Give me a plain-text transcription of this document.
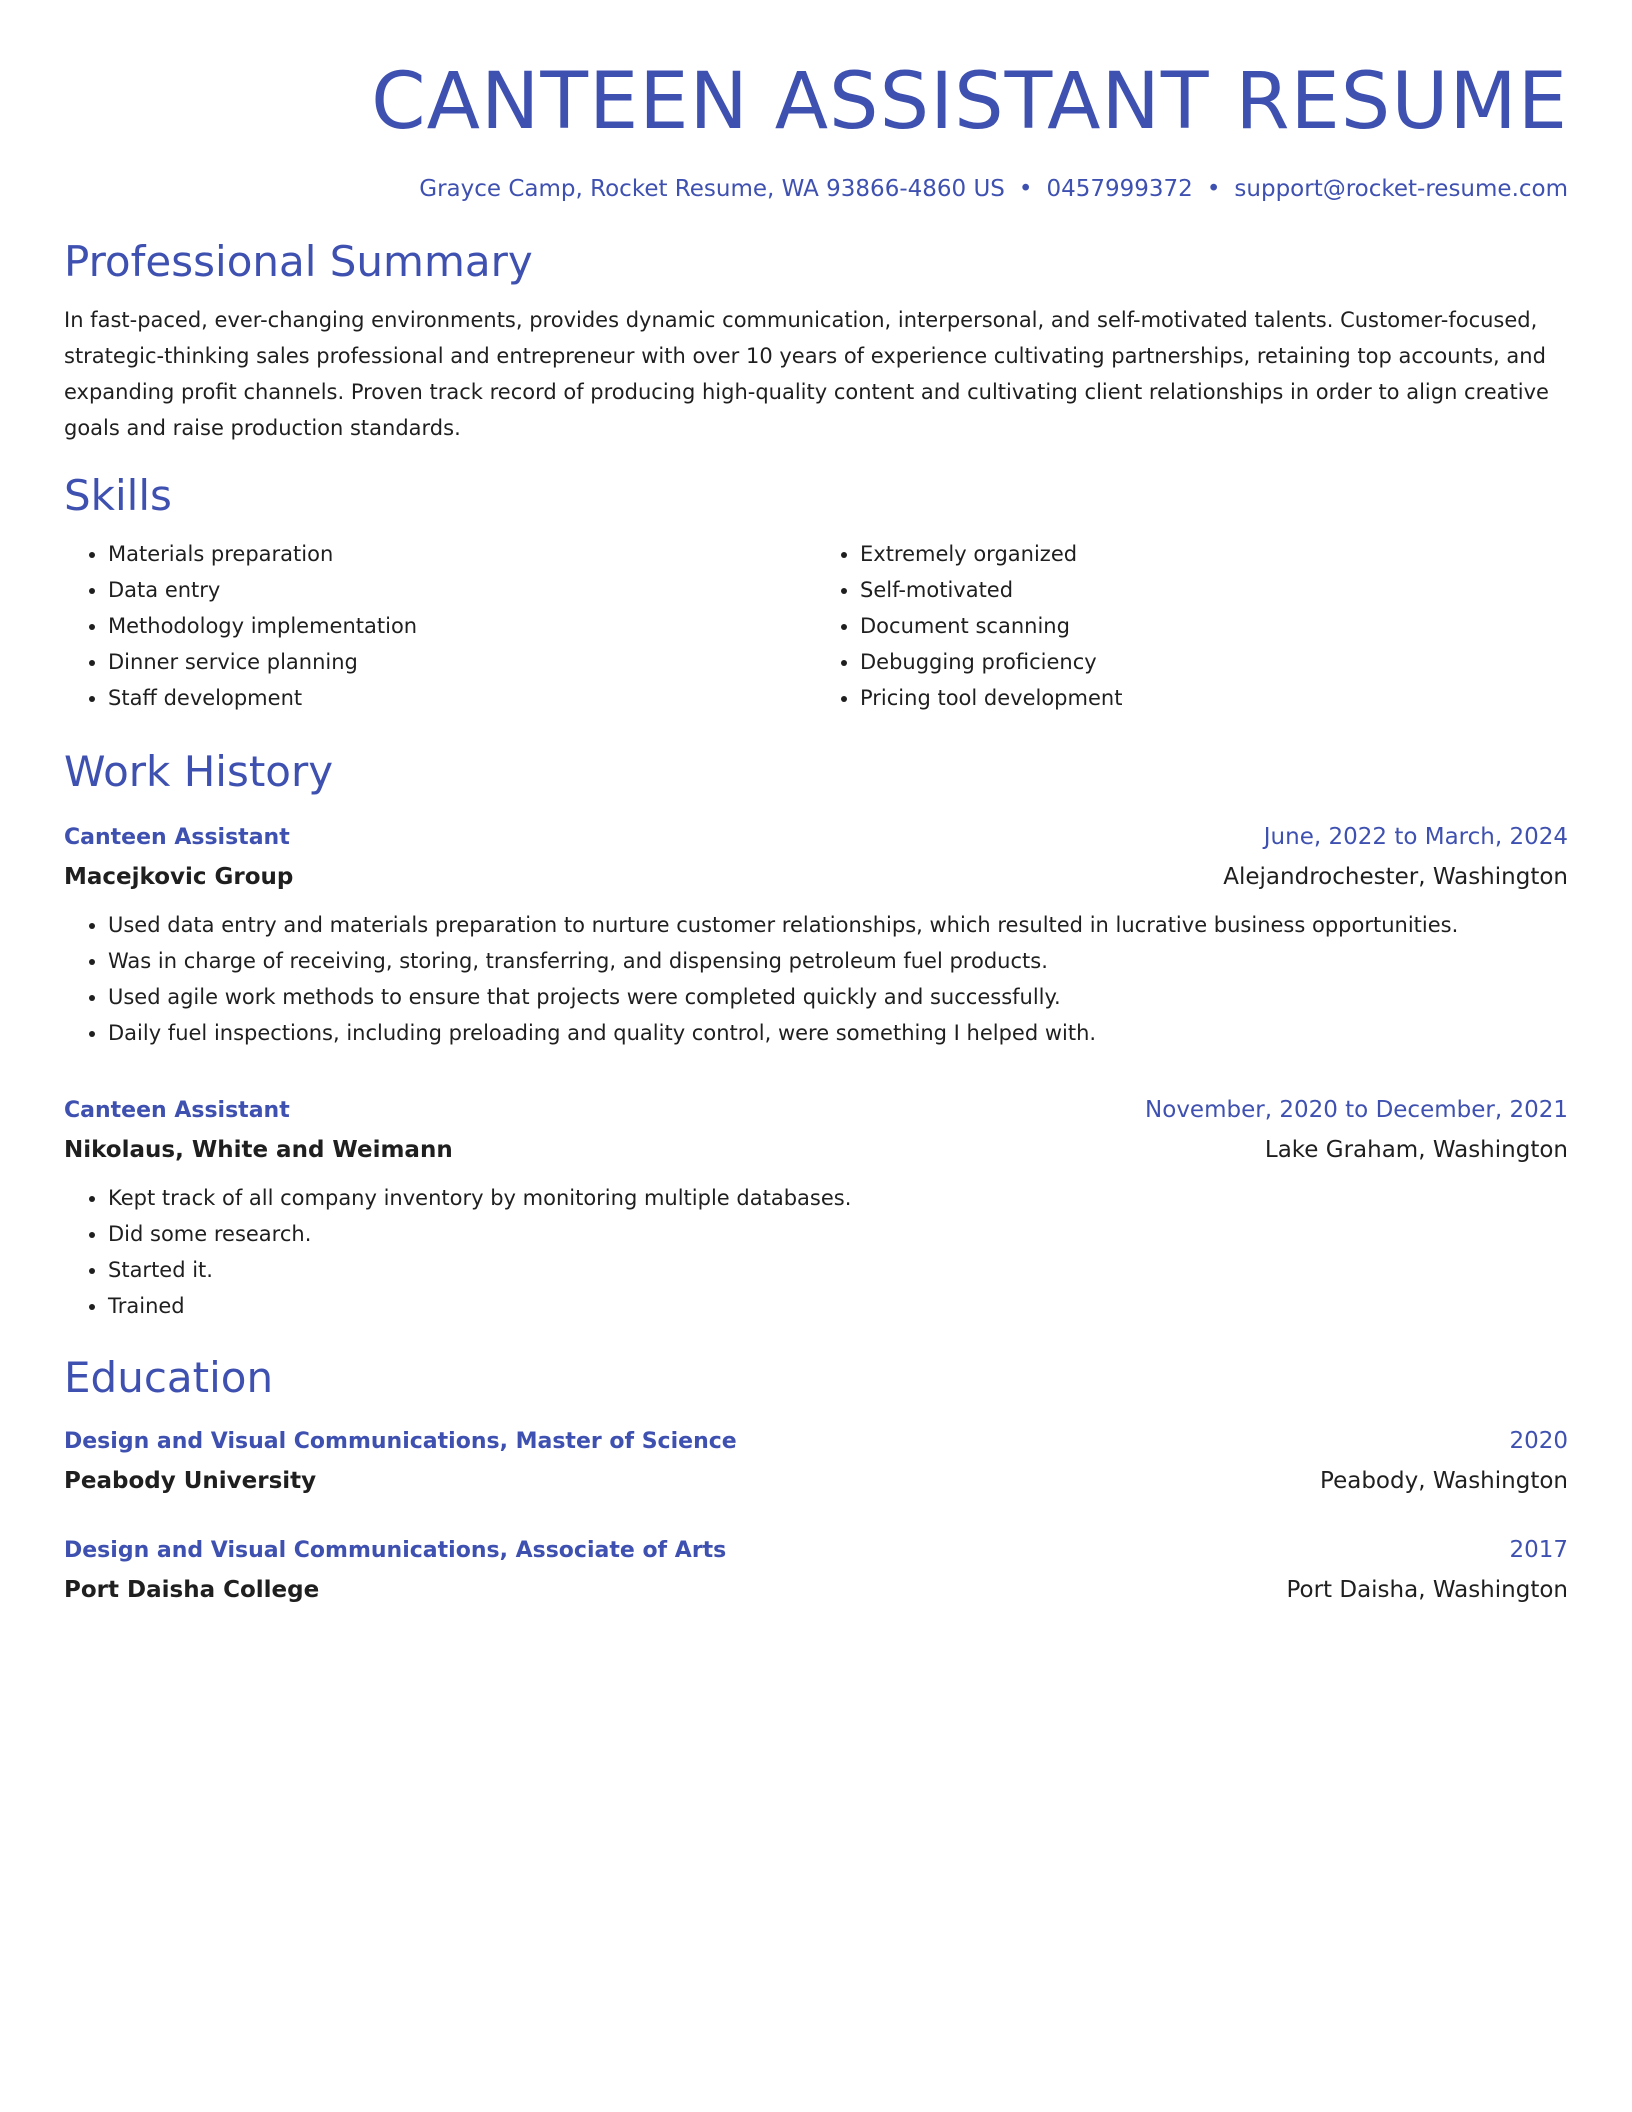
CANTEEN ASSISTANT RESUME
Grayce Camp, Rocket Resume, WA 93866-4860 US • 0457999372 • support@rocket-resume.com
Professional Summary

In fast-paced, ever-changing environments, provides dynamic communication, interpersonal, and self-motivated talents. Customer-focused, strategic-thinking sales professional and entrepreneur with over 10 years of experience cultivating partnerships, retaining top accounts, and expanding profit channels. Proven track record of producing high-quality content and cultivating client relationships in order to align creative goals and raise production standards.

Skills
• Materials preparation
• Data entry
• Methodology implementation
• Dinner service planning
• Staff development
• Extremely organized
• Self-motivated
• Document scanning
• Debugging proficiency
• Pricing tool development
Work History
Canteen Assistant	June, 2022 to March, 2024
Macejkovic Group	Alejandrochester, Washington
• Used data entry and materials preparation to nurture customer relationships, which resulted in lucrative business opportunities.
• Was in charge of receiving, storing, transferring, and dispensing petroleum fuel products.
• Used agile work methods to ensure that projects were completed quickly and successfully.
• Daily fuel inspections, including preloading and quality control, were something I helped with.
Canteen Assistant	November, 2020 to December, 2021
Nikolaus, White and Weimann	Lake Graham, Washington
• Kept track of all company inventory by monitoring multiple databases.
• Did some research.
• Started it.
• Trained
Education
Design and Visual Communications, Master of Science	2020
Peabody University	Peabody, Washington
Design and Visual Communications, Associate of Arts	2017
Port Daisha College	Port Daisha, Washington
